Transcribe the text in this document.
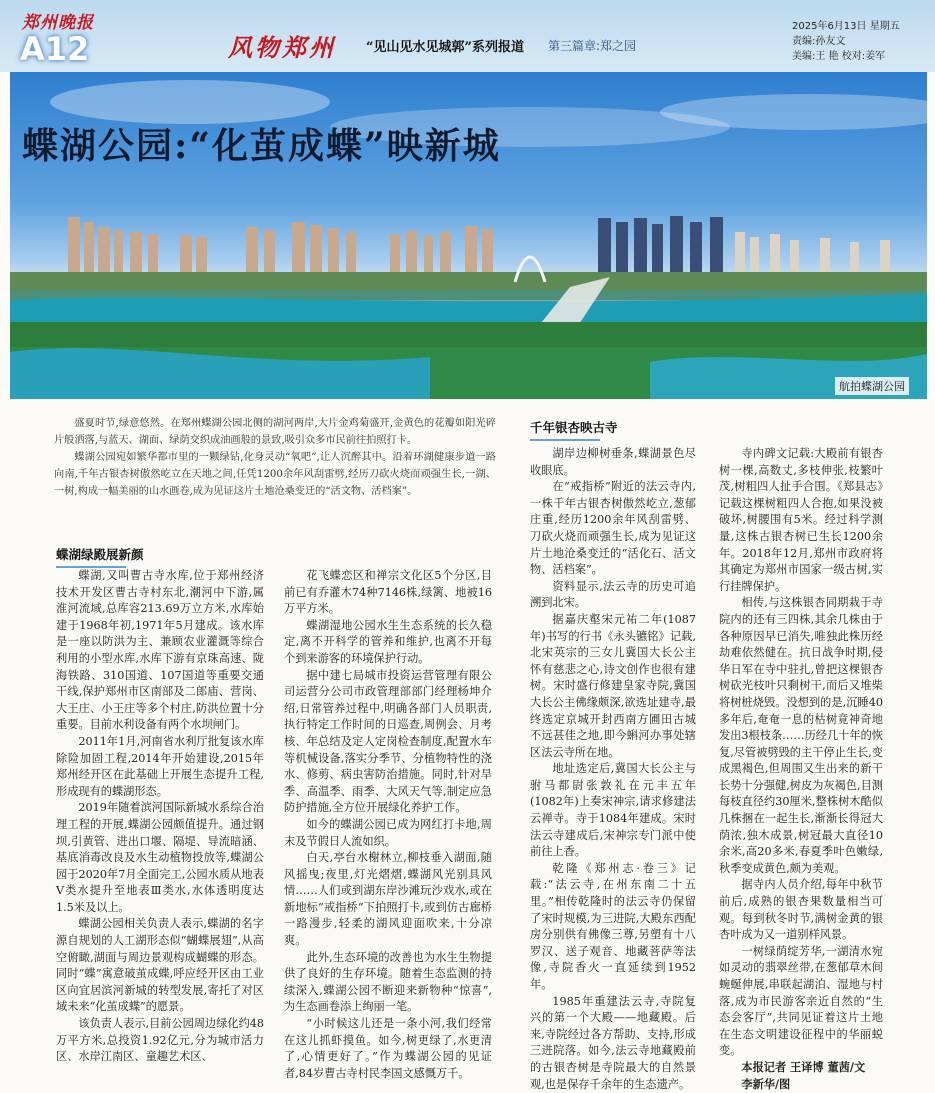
郑州晚报
A12	风物郑州 “见山见水见城郭”系列报道 第三篇章:郑之园
2025年6月13日 星期五
责编:孙友文
美编:王 艳 校对:姜军
航拍蝶湖公园
蝶湖公园:“化茧成蝶”映新城

盛夏时节,绿意悠然。在郑州蝶湖公园北侧的湖河两岸,大片金鸡菊盛开,金黄色的花瓣如阳光碎片般洒落,与蓝天、湖面、绿荫交织成油画般的景致,吸引众多市民前往拍照打卡。

蝶湖公园宛如繁华都市里的一颗绿钻,化身灵动“氧吧”,让人沉醉其中。沿着环湖健康步道一路向南,千年古银杏树傲然屹立在天地之间,任凭1200余年风刮雷劈,经历刀砍火烧而顽强生长,一湖、一树,构成一幅美丽的山水画卷,成为见证这片土地沧桑变迁的“活文物、活档案”。

蝶湖绿殿展新颜

蝶湖,又叫曹古寺水库,位于郑州经济技术开发区曹古寺村东北,潮河中下游,属淮河流域,总库容213.69万立方米,水库始建于1968年初,1971年5月建成。该水库是一座以防洪为主、兼顾农业灌溉等综合利用的小型水库,水库下游有京珠高速、陇海铁路、310国道、107国道等重要交通干线,保护郑州市区南部及二郎庙、营岗、大王庄、小王庄等多个村庄,防洪位置十分重要。目前水利设备有两个水坝闸门。

2011年1月,河南省水利厅批复该水库除险加固工程,2014年开始建设,2015年郑州经开区在此基础上开展生态提升工程,形成现有的蝶湖形态。

2019年随着滨河国际新城水系综合治理工程的开展,蝶湖公园颇值提升。通过钢坝,引黄管、进出口堰、隔堤、导流暗涵、基底消毒改良及水生动植物投放等,蝶湖公园于2020年7月全面完工,公园水质从地表Ⅴ类水提升至地表Ⅲ类水,水体透明度达1.5米及以上。

蝶湖公园相关负责人表示,蝶湖的名字源自规划的人工湖形态似“蝴蝶展翅”,从高空俯瞰,湖面与周边景观构成蝴蝶的形态。同时“蝶”寓意破茧成蝶,呼应经开区由工业区向宜居滨河新城的转型发展,寄托了对区域未来“化茧成蝶”的愿景。

该负责人表示,目前公园周边绿化约48万平方米,总投资1.92亿元,分为城市活力区、水岸江南区、童趣艺术区、

花飞蝶恋区和禅宗文化区5个分区,目前已有乔灌木74种7146株,绿篱、地被16万平方米。

蝶湖湿地公园水生生态系统的长久稳定,离不开科学的管养和维护,也离不开每个到来游客的环境保护行动。

据中建七局城市投资运营管理有限公司运营分公司市政管理部部门经理杨坤介绍,日常管养过程中,明确各部门人员职责,执行特定工作时间的日巡查,周例会、月考核、年总结及定人定岗检查制度,配置水车等机械设备,落实分季节、分植物特性的浇水、修剪、病虫害防治措施。同时,针对旱季、高温季、雨季、大风天气等,制定应急防护措施,全方位开展绿化养护工作。

如今的蝶湖公园已成为网红打卡地,周末及节假日人流如织。

白天,亭台水榭林立,柳枝垂入湖面,随风摇曳;夜里,灯光熠熠,蝶湖风光别具风情……人们或到湖东岸沙滩玩沙戏水,或在新地标“戒指桥”下拍照打卡,或到仿古廊桥一路漫步,轻柔的湖风迎面吹来,十分凉爽。

此外,生态环境的改善也为水生生物提供了良好的生存环境。随着生态监测的持续深入,蝶湖公园不断迎来新物种“惊喜”,为生态画卷添上绚丽一笔。

“小时候这儿还是一条小河,我们经常在这儿抓虾摸鱼。如今,树更绿了,水更清了,心情更好了。”作为蝶湖公园的见证者,84岁曹古寺村民李国文感慨万千。

千年银杏映古寺

湖岸边柳树垂条,蝶湖景色尽收眼底。

在“戒指桥”附近的法云寺内,一株千年古银杏树傲然屹立,葱郁庄重,经历1200余年风刮雷劈、刀砍火烧而顽强生长,成为见证这片土地沧桑变迁的“活化石、活文物、活档案”。

资料显示,法云寺的历史可追溯到北宋。

据嘉庆壑宋元祐二年(1087年)书写的行书《永头镳铭》记载,北宋英宗的三女儿冀国大长公主怀有慈悲之心,诗文创作也很有建树。宋时盛行修建皇家寺院,冀国大长公主佛缘颇深,欲选址建寺,最终选定京城开封西南方圃田古城不远甚佳之地,即今蝌河办事处辖区法云寺所在地。

地址选定后,冀国大长公主与驸马都尉张敦礼在元丰五年(1082年)上奏宋神宗,请求修建法云禅寺。寺于1084年建成。宋时法云寺建成后,宋神宗专门派中使前往上香。

乾隆《郑州志·卷三》记载:“法云寺,在州东南二十五里。”相传乾隆时的法云寺仍保留了宋时规模,为三进院,大殿东西配房分别供有佛像三尊,另塑有十八罗汉、送子观音、地藏菩萨等法像,寺院香火一直延续到1952年。

1985年重建法云寺,寺院复兴的第一个大殿——地藏殿。后来,寺院经过各方帮助、支持,形成三进院落。如今,法云寺地藏殿前的古银杏树是寺院最大的自然景观,也是保存千余年的生态遗产。

寺内碑文记载:大殿前有银杏树一棵,高数丈,多枝伸张,枝繁叶茂,树粗四人扯手合围。《郑县志》记载这棵树粗四人合抱,如果没被破坏,树腰围有5米。经过科学测量,这株古银杏树已生长1200余年。2018年12月,郑州市政府将其确定为郑州市国家一级古树,实行挂牌保护。

相传,与这株银杏同期栽于寺院内的还有三四株,其余几株由于各种原因早已消失,唯独此株历经劫难依然健在。抗日战争时期,侵华日军在寺中驻扎,曾把这棵银杏树砍光枝叶只剩树干,而后又堆柴将树桩烧毁。没想到的是,沉睡40多年后,奄奄一息的枯树竟神奇地发出3根枝条……历经几十年的恢复,尽管被劈毁的主干停止生长,变成黑褐色,但周围又生出来的新干长势十分强健,树皮为灰褐色,目测每枝直径约30厘米,整株树木酷似几株捆在一起生长,渐渐长得冠大荫浓,独木成景,树冠最大直径10余米,高20多米,春夏季叶色嫩绿,秋季变成黄色,颇为美观。

据寺内人员介绍,每年中秋节前后,成熟的银杏果数量相当可观。每到秋冬时节,满树金黄的银杏叶成为又一道别样风景。

一树绿荫绽芳华,一湖清水宛如灵动的翡翠丝带,在葱郁草木间蜿蜒伸展,串联起湖泊、湿地与村落,成为市民游客亲近自然的“生态会客厅”,共同见证着这片土地在生态文明建设征程中的华丽蜕变。

本报记者 王译博 董茜/文

李新华/图
